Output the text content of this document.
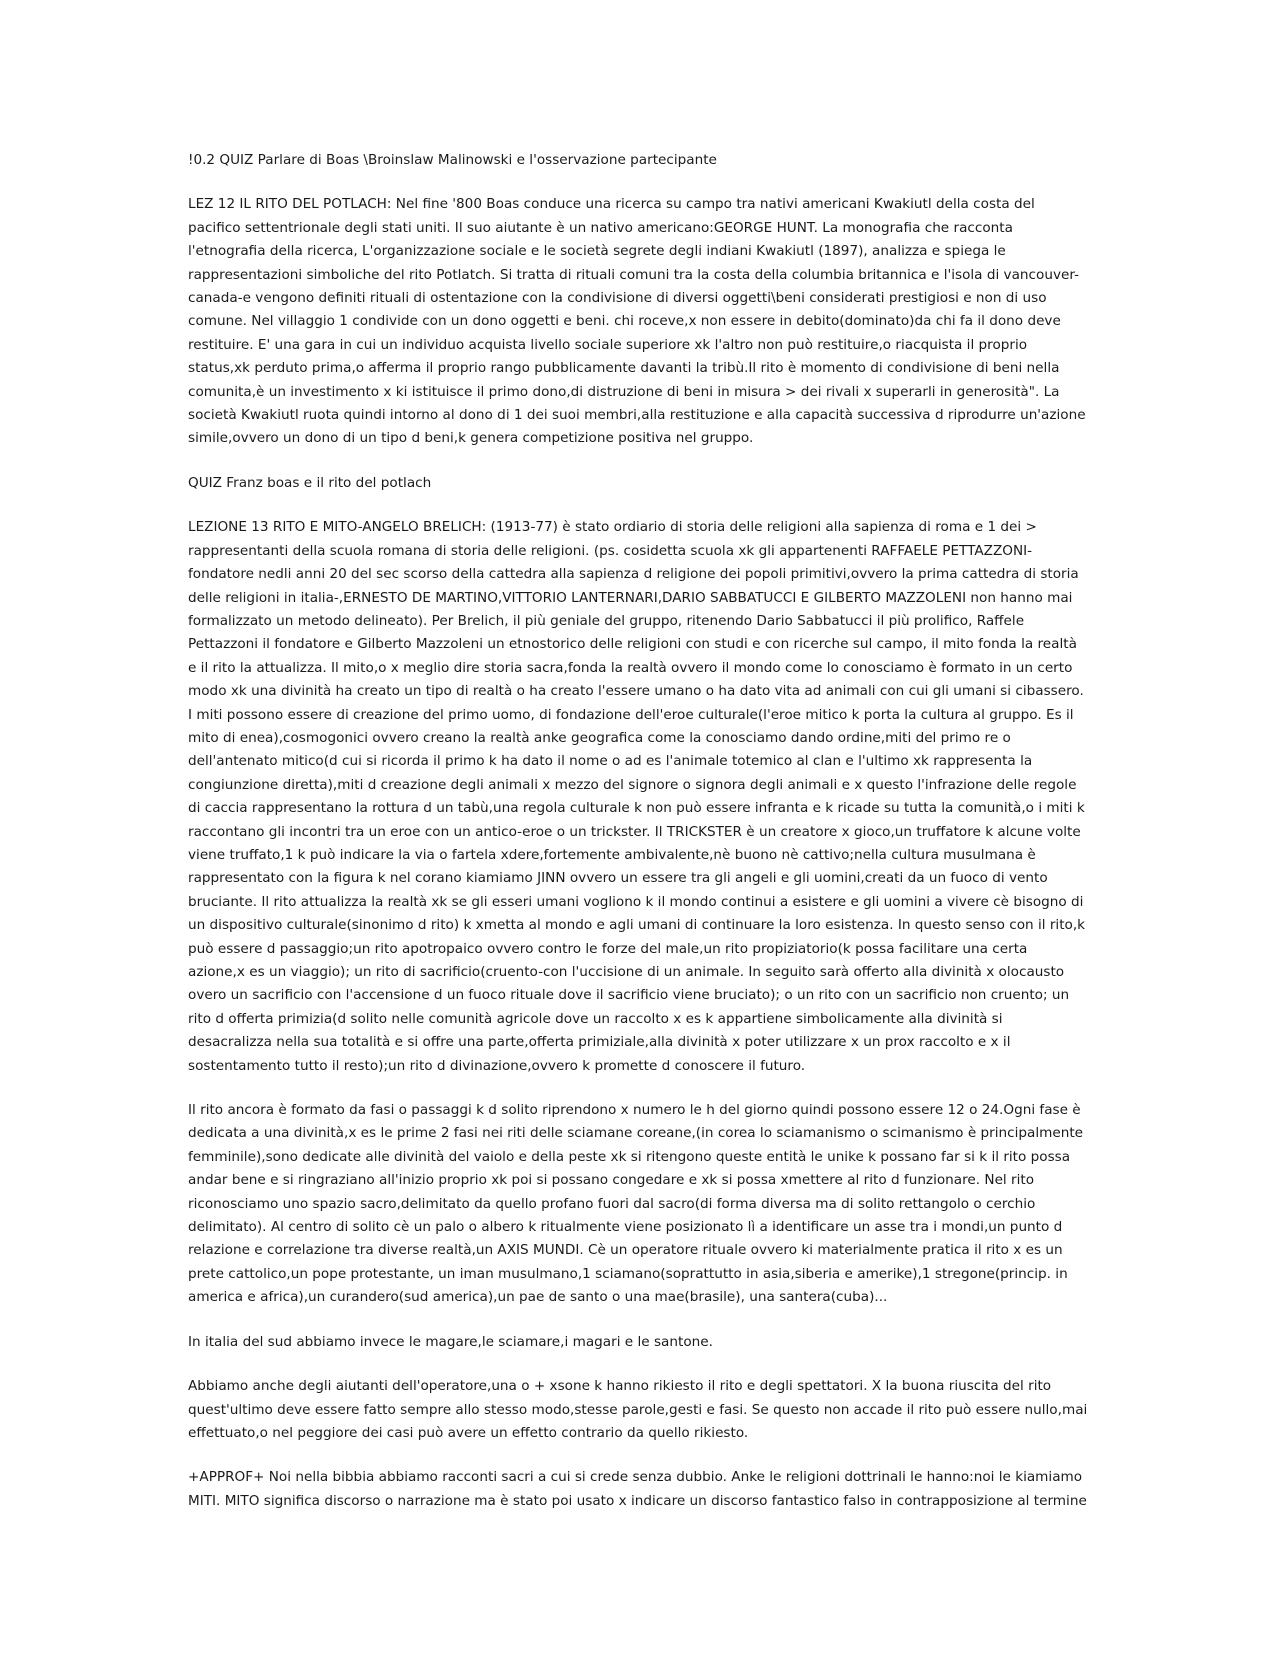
!0.2 QUIZ Parlare di Boas \Broinslaw Malinowski e l'osservazione partecipante

LEZ 12 IL RITO DEL POTLACH: Nel fine '800 Boas conduce una ricerca su campo tra nativi americani Kwakiutl della costa del pacifico settentrionale degli stati uniti. Il suo aiutante è un nativo americano:GEORGE HUNT. La monografia che racconta l'etnografia della ricerca, L'organizzazione sociale e le società segrete degli indiani Kwakiutl (1897), analizza e spiega le rappresentazioni simboliche del rito Potlatch. Si tratta di rituali comuni tra la costa della columbia britannica e l'isola di vancouver-canada-e vengono definiti rituali di ostentazione con la condivisione di diversi oggetti\beni considerati prestigiosi e non di uso comune. Nel villaggio 1 condivide con un dono oggetti e beni. chi roceve,x non essere in debito(dominato)da chi fa il dono deve restituire. E' una gara in cui un individuo acquista livello sociale superiore xk l'altro non può restituire,o riacquista il proprio status,xk perduto prima,o afferma il proprio rango pubblicamente davanti la tribù.Il rito è momento di condivisione di beni nella comunita,è un investimento x ki istituisce il primo dono,di distruzione di beni in misura > dei rivali x superarli in generosità". La società Kwakiutl ruota quindi intorno al dono di 1 dei suoi membri,alla restituzione e alla capacità successiva d riprodurre un'azione simile,ovvero un dono di un tipo d beni,k genera competizione positiva nel gruppo.

QUIZ Franz boas e il rito del potlach

LEZIONE 13 RITO E MITO-ANGELO BRELICH: (1913-77) è stato ordiario di storia delle religioni alla sapienza di roma e 1 dei > rappresentanti della scuola romana di storia delle religioni. (ps. cosidetta scuola xk gli appartenenti RAFFAELE PETTAZZONI-fondatore nedli anni 20 del sec scorso della cattedra alla sapienza d religione dei popoli primitivi,ovvero la prima cattedra di storia delle religioni in italia-,ERNESTO DE MARTINO,VITTORIO LANTERNARI,DARIO SABBATUCCI E GILBERTO MAZZOLENI non hanno mai formalizzato un metodo delineato). Per Brelich, il più geniale del gruppo, ritenendo Dario Sabbatucci il più prolifico, Raffele Pettazzoni il fondatore e Gilberto Mazzoleni un etnostorico delle religioni con studi e con ricerche sul campo, il mito fonda la realtà e il rito la attualizza. Il mito,o x meglio dire storia sacra,fonda la realtà ovvero il mondo come lo conosciamo è formato in un certo modo xk una divinità ha creato un tipo di realtà o ha creato l'essere umano o ha dato vita ad animali con cui gli umani si cibassero. I miti possono essere di creazione del primo uomo, di fondazione dell'eroe culturale(l'eroe mitico k porta la cultura al gruppo. Es il mito di enea),cosmogonici ovvero creano la realtà anke geografica come la conosciamo dando ordine,miti del primo re o dell'antenato mitico(d cui si ricorda il primo k ha dato il nome o ad es l'animale totemico al clan e l'ultimo xk rappresenta la congiunzione diretta),miti d creazione degli animali x mezzo del signore o signora degli animali e x questo l'infrazione delle regole di caccia rappresentano la rottura d un tabù,una regola culturale k non può essere infranta e k ricade su tutta la comunità,o i miti k raccontano gli incontri tra un eroe con un antico-eroe o un trickster. Il TRICKSTER è un creatore x gioco,un truffatore k alcune volte viene truffato,1 k può indicare la via o fartela xdere,fortemente ambivalente,nè buono nè cattivo;nella cultura musulmana è rappresentato con la figura k nel corano kiamiamo JINN ovvero un essere tra gli angeli e gli uomini,creati da un fuoco di vento bruciante. Il rito attualizza la realtà xk se gli esseri umani vogliono k il mondo continui a esistere e gli uomini a vivere cè bisogno di un dispositivo culturale(sinonimo d rito) k xmetta al mondo e agli umani di continuare la loro esistenza. In questo senso con il rito,k può essere d passaggio;un rito apotropaico ovvero contro le forze del male,un rito propiziatorio(k possa facilitare una certa azione,x es un viaggio); un rito di sacrificio(cruento-con l'uccisione di un animale. In seguito sarà offerto alla divinità x olocausto overo un sacrificio con l'accensione d un fuoco rituale dove il sacrificio viene bruciato); o un rito con un sacrificio non cruento; un rito d offerta primizia(d solito nelle comunità agricole dove un raccolto x es k appartiene simbolicamente alla divinità si desacralizza nella sua totalità e si offre una parte,offerta primiziale,alla divinità x poter utilizzare x un prox raccolto e x il sostentamento tutto il resto);un rito d divinazione,ovvero k promette d conoscere il futuro.

Il rito ancora è formato da fasi o passaggi k d solito riprendono x numero le h del giorno quindi possono essere 12 o 24.Ogni fase è dedicata a una divinità,x es le prime 2 fasi nei riti delle sciamane coreane,(in corea lo sciamanismo o scimanismo è principalmente femminile),sono dedicate alle divinità del vaiolo e della peste xk si ritengono queste entità le unike k possano far si k il rito possa andar bene e si ringraziano all'inizio proprio xk poi si possano congedare e xk si possa xmettere al rito d funzionare. Nel rito riconosciamo uno spazio sacro,delimitato da quello profano fuori dal sacro(di forma diversa ma di solito rettangolo o cerchio delimitato). Al centro di solito cè un palo o albero k ritualmente viene posizionato lì a identificare un asse tra i mondi,un punto d relazione e correlazione tra diverse realtà,un AXIS MUNDI. Cè un operatore rituale ovvero ki materialmente pratica il rito x es un prete cattolico,un pope protestante, un iman musulmano,1 sciamano(soprattutto in asia,siberia e amerike),1 stregone(princip. in america e africa),un curandero(sud america),un pae de santo o una mae(brasile), una santera(cuba)...

In italia del sud abbiamo invece le magare,le sciamare,i magari e le santone.

Abbiamo anche degli aiutanti dell'operatore,una o + xsone k hanno rikiesto il rito e degli spettatori. X la buona riuscita del rito quest'ultimo deve essere fatto sempre allo stesso modo,stesse parole,gesti e fasi. Se questo non accade il rito può essere nullo,mai effettuato,o nel peggiore dei casi può avere un effetto contrario da quello rikiesto.

+APPROF+ Noi nella bibbia abbiamo racconti sacri a cui si crede senza dubbio. Anke le religioni dottrinali le hanno:noi le kiamiamo MITI. MITO significa discorso o narrazione ma è stato poi usato x indicare un discorso fantastico falso in contrapposizione al termine
